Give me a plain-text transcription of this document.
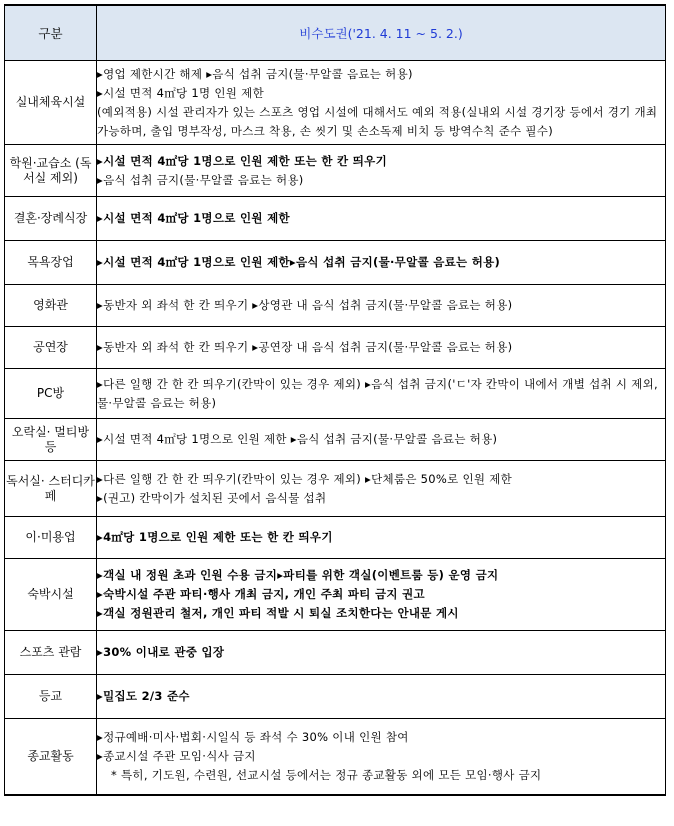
구분	비수도권('21. 4. 11 ~ 5. 2.)
실내체육시설	▸영업 제한시간 해제 ▸음식 섭취 금지(물·무알콜 음료는 허용)
▸시설 면적 4㎡당 1명 인원 제한
(예외적용) 시설 관리자가 있는 스포츠 영업 시설에 대해서도 예외 적용(실내외 시설 경기장 등에서 경기 개최 가능하며, 출입 명부작성, 마스크 착용, 손 씻기 및 손소독제 비치 등 방역수칙 준수 필수)

학원·교습소 (독서실 제외)	▸시설 면적 4㎡당 1명으로 인원 제한 또는 한 칸 띄우기
▸음식 섭취 금지(물·무알콜 음료는 허용)

결혼·장례식장	▸시설 면적 4㎡당 1명으로 인원 제한

목욕장업	▸시설 면적 4㎡당 1명으로 인원 제한▸음식 섭취 금지(물·무알콜 음료는 허용)

영화관	▸동반자 외 좌석 한 칸 띄우기 ▸상영관 내 음식 섭취 금지(물·무알콜 음료는 허용)

공연장	▸동반자 외 좌석 한 칸 띄우기 ▸공연장 내 음식 섭취 금지(물·무알콜 음료는 허용)

PC방	▸다른 일행 간 한 칸 띄우기(칸막이 있는 경우 제외) ▸음식 섭취 금지('ㄷ'자 칸막이 내에서 개별 섭취 시 제외, 물·무알콜 음료는 허용)

오락실· 멀티방 등	▸시설 면적 4㎡당 1명으로 인원 제한 ▸음식 섭취 금지(물·무알콜 음료는 허용)

독서실· 스터디카페	▸다른 일행 간 한 칸 띄우기(칸막이 있는 경우 제외) ▸단체룸은 50%로 인원 제한
▸(권고) 칸막이가 설치된 곳에서 음식물 섭취

이·미용업	▸4㎡당 1명으로 인원 제한 또는 한 칸 띄우기

숙박시설	▸객실 내 정원 초과 인원 수용 금지▸파티를 위한 객실(이벤트룸 등) 운영 금지
▸숙박시설 주관 파티·행사 개최 금지, 개인 주최 파티 금지 권고
▸객실 정원관리 철저, 개인 파티 적발 시 퇴실 조치한다는 안내문 게시

스포츠 관람	▸30% 이내로 관중 입장

등교	▸밀집도 2/3 준수

종교활동	▸정규예배·미사·법회·시일식 등 좌석 수 30% 이내 인원 참여
▸종교시설 주관 모임·식사 금지
* 특히, 기도원, 수련원, 선교시설 등에서는 정규 종교활동 외에 모든 모임·행사 금지
